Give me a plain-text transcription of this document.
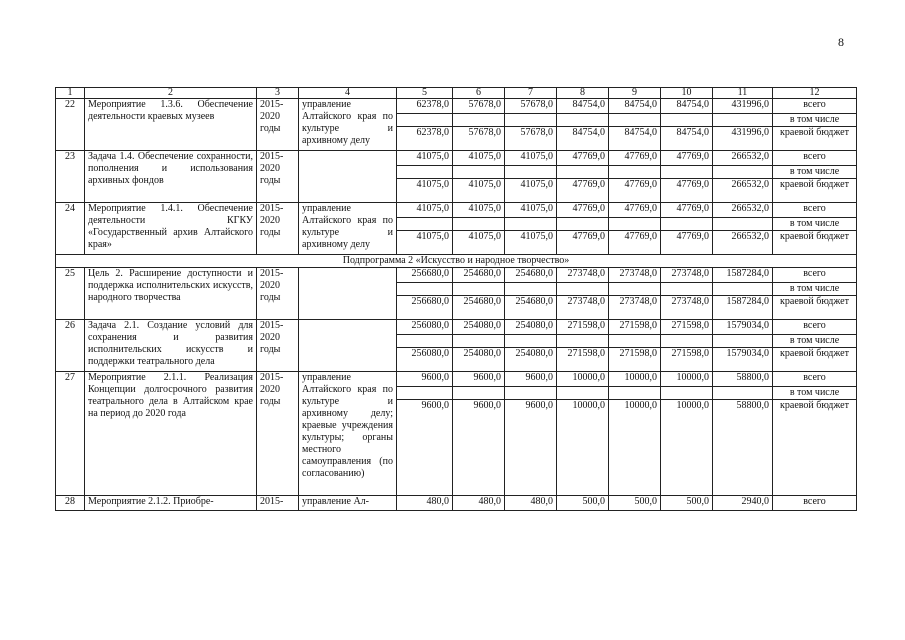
8
1	2	3	4	5	6	7	8	9	10	11	12
22	Мероприятие 1.3.6. Обеспечение деятельности краевых музеев	2015-2020 годы	управление Алтайского края по культуре и архивному делу	62378,0	57678,0	57678,0	84754,0	84754,0	84754,0	431996,0	всего
											в том числе
				62378,0	57678,0	57678,0	84754,0	84754,0	84754,0	431996,0	краевой бюджет
23	Задача 1.4. Обеспечение сохранности, пополнения и использования архивных фондов	2015-2020 годы		41075,0	41075,0	41075,0	47769,0	47769,0	47769,0	266532,0	всего
											в том числе
				41075,0	41075,0	41075,0	47769,0	47769,0	47769,0	266532,0	краевой бюджет
24	Мероприятие 1.4.1. Обеспечение деятельности КГКУ «Государственный архив Алтайского края»	2015-2020 годы	управление Алтайского края по культуре и архивному делу	41075,0	41075,0	41075,0	47769,0	47769,0	47769,0	266532,0	всего
											в том числе
				41075,0	41075,0	41075,0	47769,0	47769,0	47769,0	266532,0	краевой бюджет
Подпрограмма 2 «Искусство и народное творчество»											
25	Цель 2. Расширение доступности и поддержка исполнительских искусств, народного творчества	2015-2020 годы		256680,0	254680,0	254680,0	273748,0	273748,0	273748,0	1587284,0	всего
											в том числе
				256680,0	254680,0	254680,0	273748,0	273748,0	273748,0	1587284,0	краевой бюджет
26	Задача 2.1. Создание условий для сохранения и развития исполнительских искусств и поддержки театрального дела	2015-2020 годы		256080,0	254080,0	254080,0	271598,0	271598,0	271598,0	1579034,0	всего
											в том числе
				256080,0	254080,0	254080,0	271598,0	271598,0	271598,0	1579034,0	краевой бюджет
27	Мероприятие 2.1.1. Реализация Концепции долгосрочного развития театрального дела в Алтайском крае на период до 2020 года	2015-2020 годы	управление Алтайского края по культуре и архивному делу; краевые учреждения культуры; органы местного самоуправления (по согласованию)	9600,0	9600,0	9600,0	10000,0	10000,0	10000,0	58800,0	всего
											в том числе
				9600,0	9600,0	9600,0	10000,0	10000,0	10000,0	58800,0	краевой бюджет
28	Мероприятие 2.1.2. Приобре-	2015-	управление Ал-	480,0	480,0	480,0	500,0	500,0	500,0	2940,0	всего
